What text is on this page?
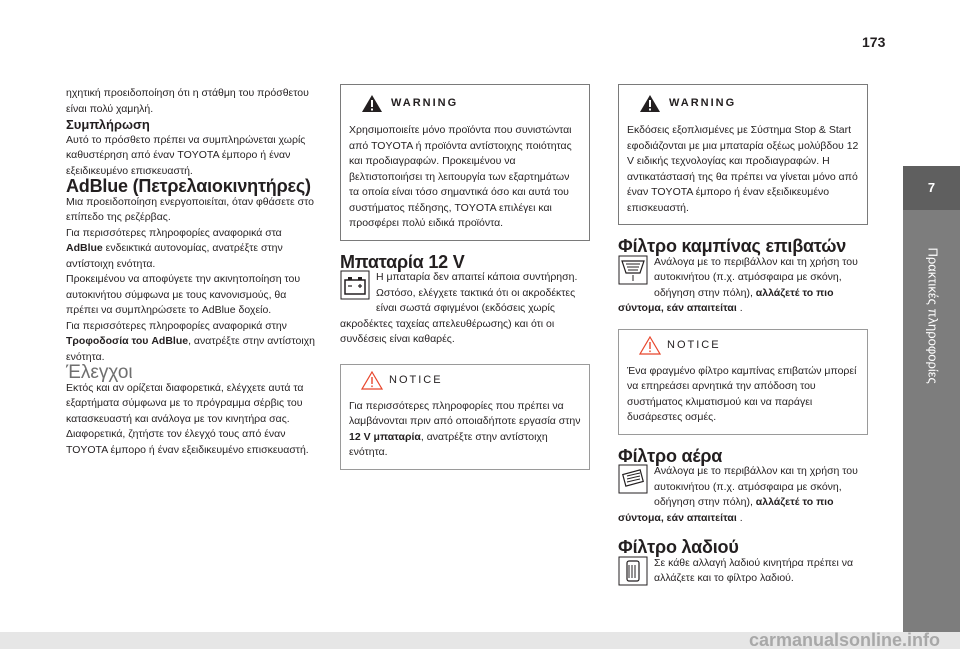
173
7
Πρακτικές πληροφορίες

ηχητική προειδοποίηση ότι η στάθμη του πρόσθετου είναι πολύ χαμηλή.

Συμπλήρωση

Αυτό το πρόσθετο πρέπει να συμπληρώνεται χωρίς καθυστέρηση από έναν TOYOTA έμπορο ή έναν εξειδικευμένο επισκευαστή.

AdBlue (Πετρελαιοκινητήρες)

Μια προειδοποίηση ενεργοποιείται, όταν φθάσετε στο επίπεδο της ρεζέρβας.

Για περισσότερες πληροφορίες αναφορικά στα AdBlue ενδεικτικά αυτονομίας, ανατρέξτε στην αντίστοιχη ενότητα.

Προκειμένου να αποφύγετε την ακινητοποίηση του αυτοκινήτου σύμφωνα με τους κανονισμούς, θα πρέπει να συμπληρώσετε το AdBlue δοχείο.

Για περισσότερες πληροφορίες αναφορικά στην Τροφοδοσία του AdBlue, ανατρέξτε στην αντίστοιχη ενότητα.

Έλεγχοι

Εκτός και αν ορίζεται διαφορετικά, ελέγχετε αυτά τα εξαρτήματα σύμφωνα με το πρόγραμμα σέρβις του κατασκευαστή και ανάλογα με τον κινητήρα σας. Διαφορετικά, ζητήστε τον έλεγχό τους από έναν TOYOTA έμπορο ή έναν εξειδικευμένο επισκευαστή.

WARNING

Χρησιμοποιείτε μόνο προϊόντα που συνιστώνται από TOYOTA ή προϊόντα αντίστοιχης ποιότητας και προδιαγραφών. Προκειμένου να βελτιστοποιήσει τη λειτουργία των εξαρτημάτων τα οποία είναι τόσο σημαντικά όσο και αυτά του συστήματος πέδησης, TOYOTA επιλέγει και προσφέρει πολύ ειδικά προϊόντα.

Μπαταρία 12 V

Η μπαταρία δεν απαιτεί κάποια συντήρηση. Ωστόσο, ελέγχετε τακτικά ότι οι ακροδέκτες είναι σωστά σφιγμένοι (εκδόσεις χωρίς ακροδέκτες ταχείας απελευθέρωσης) και ότι οι συνδέσεις είναι καθαρές.

NOTICE

Για περισσότερες πληροφορίες που πρέπει να λαμβάνονται πριν από οποιαδήποτε εργασία στην 12 V μπαταρία, ανατρέξτε στην αντίστοιχη ενότητα.

WARNING

Εκδόσεις εξοπλισμένες με Σύστημα Stop & Start εφοδιάζονται με μια μπαταρία οξέως μολύβδου 12 V ειδικής τεχνολογίας και προδιαγραφών. Η αντικατάστασή της θα πρέπει να γίνεται μόνο από έναν TOYOTA έμπορο ή έναν εξειδικευμένο επισκευαστή.

Φίλτρο καμπίνας επιβατών

Ανάλογα με το περιβάλλον και τη χρήση του αυτοκινήτου (π.χ. ατμόσφαιρα με σκόνη, οδήγηση στην πόλη), αλλάζετέ το πιο σύντομα, εάν απαιτείται .

NOTICE

Ένα φραγμένο φίλτρο καμπίνας επιβατών μπορεί να επηρεάσει αρνητικά την απόδοση του συστήματος κλιματισμού και να παράγει δυσάρεστες οσμές.

Φίλτρο αέρα

Ανάλογα με το περιβάλλον και τη χρήση του αυτοκινήτου (π.χ. ατμόσφαιρα με σκόνη, οδήγηση στην πόλη), αλλάζετέ το πιο σύντομα, εάν απαιτείται .

Φίλτρο λαδιού

Σε κάθε αλλαγή λαδιού κινητήρα πρέπει να αλλάζετε και το φίλτρο λαδιού.

carmanualsonline.info
